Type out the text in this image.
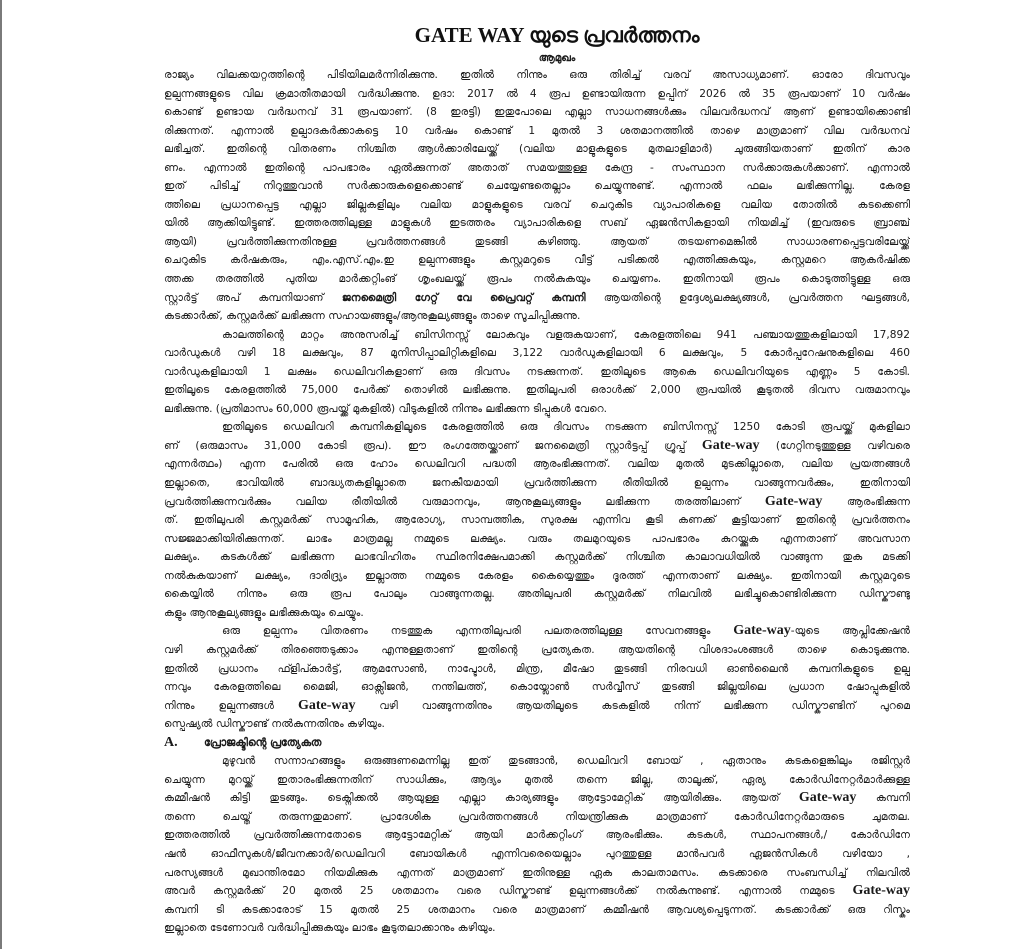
GATE WAY യുടെ പ്രവർത്തനം
ആമുഖം
രാജ്യം വിലക്കയറ്റത്തിന്റെ പിടിയിലമർന്നിരിക്കുന്നു. ഇതിൽ നിന്നും ഒരു തിരിച്ച് വരവ് അസാധ്യമാണ്. ഓരോ ദിവസവും
ഉല്പന്നങ്ങളുടെ വില ക്രമാതീതമായി വർദ്ധിക്കുന്നു. ഉദാ: 2017 ൽ 4 രൂപ ഉണ്ടായിരുന്ന ഉപ്പിന് 2026 ൽ 35 രൂപയാണ് 10 വർഷം
കൊണ്ട് ഉണ്ടായ വർദ്ധനവ് 31 രൂപയാണ്. (8 ഇരട്ടി) ഇതുപോലെ എല്ലാ സാധനങ്ങൾക്കും വിലവർദ്ധനവ് ആണ് ഉണ്ടായിക്കൊണ്ടി
രിക്കുന്നത്. എന്നാൽ ഉല്പാദകർക്കാകട്ടെ 10 വർഷം കൊണ്ട് 1 മുതൽ 3 ശതമാനത്തിൽ താഴെ മാത്രമാണ് വില വർദ്ധനവ്
ലഭിച്ചത്. ഇതിന്റെ വിതരണം നിശ്ചിത ആൾക്കാരിലേയ്ക്ക് (വലിയ മാളുകളുടെ മുതലാളിമാർ) ചുരുങ്ങിയതാണ് ഇതിന് കാര
ണം. എന്നാൽ ഇതിന്റെ പാപഭാരം ഏൽക്കുന്നത് അതാത് സമയത്തുള്ള കേന്ദ്ര - സംസ്ഥാന സർക്കാരുകൾക്കാണ്. എന്നാൽ
ഇത് പിടിച്ച് നിറുത്തുവാൻ സർക്കാരുകളെക്കൊണ്ട് ചെയ്യേണ്ടതെല്ലാം ചെയ്യുന്നുണ്ട്. എന്നാൽ ഫലം ലഭിക്കുന്നില്ല. കേരള
ത്തിലെ പ്രധാനപ്പെട്ട എല്ലാ ജില്ലകളിലും വലിയ മാളുകളുടെ വരവ് ചെറുകിട വ്യാപാരികളെ വലിയ തോതിൽ കടക്കെണി
യിൽ ആക്കിയിട്ടുണ്ട്. ഇത്തരത്തിലുള്ള മാളുകൾ ഇടത്തരം വ്യാപാരികളെ സബ് ഏജൻസികളായി നിയമിച്ച് (ഇവരുടെ ബ്രാഞ്ച്
ആയി) പ്രവർത്തിക്കുന്നതിനുള്ള പ്രവർത്തനങ്ങൾ തുടങ്ങി കഴിഞ്ഞു. ആയത് തടയണമെങ്കിൽ സാധാരണപ്പെട്ടവരിലേയ്ക്ക്
ചെറുകിട കർഷകരും, എം.എസ്.എം.ഇ ഉല്പന്നങ്ങളും കസ്റ്റമറുടെ വീട്ട് പടിക്കൽ എത്തിക്കുകയും, കസ്റ്റമറെ ആകർഷിക്ക
ത്തക്ക തരത്തിൽ പുതിയ മാർക്കറ്റിംങ് ശൃംഖലയ്ക്ക് രൂപം നൽകുകയും ചെയ്യണം. ഇതിനായി രൂപം കൊടുത്തിട്ടുള്ള ഒരു
സ്റ്റാർട്ട് അപ് കമ്പനിയാണ് ജനമൈത്രി ഗേറ്റ് വേ പ്രൈവറ്റ് കമ്പനി ആയതിന്റെ ഉദ്ദേശ്യലക്ഷ്യങ്ങൾ, പ്രവർത്തന ഘട്ടങ്ങൾ,
കടക്കാർക്ക്, കസ്റ്റമർക്ക് ലഭിക്കുന്ന സഹായങ്ങളും/ആനുകൂല്യങ്ങളും താഴെ സൂചിപ്പിക്കുന്നു.
കാലത്തിന്റെ മാറ്റം അനുസരിച്ച് ബിസിനസ്സ് ലോകവും വളരുകയാണ്, കേരളത്തിലെ 941 പഞ്ചായത്തുകളിലായി 17,892
വാർഡുകൾ വഴി 18 ലക്ഷവും, 87 മുനിസിപ്പാലിറ്റികളിലെ 3,122 വാർഡുകളിലായി 6 ലക്ഷവും, 5 കോർപ്പറേഷനുകളിലെ 460
വാർഡുകളിലായി 1 ലക്ഷം ഡെലിവറികളാണ് ഒരു ദിവസം നടക്കുന്നത്. ഇതിലൂടെ ആകെ ഡെലിവറിയുടെ എണ്ണം 5 കോടി.
ഇതിലൂടെ കേരളത്തിൽ 75,000 പേർക്ക് തൊഴിൽ ലഭിക്കുന്നു. ഇതിലുപരി ഒരാൾക്ക് 2,000 രൂപയിൽ കൂടുതൽ ദിവസ വരുമാനവും
ലഭിക്കുന്നു. (പ്രതിമാസം 60,000 രൂപയ്ക്ക് മുകളിൽ) വീടുകളിൽ നിന്നും ലഭിക്കുന്ന ടിപ്പുകൾ വേറെ.
ഇതിലൂടെ ഡെലിവറി കമ്പനികളിലൂടെ കേരളത്തിൽ ഒരു ദിവസം നടക്കുന്ന ബിസിനസ്സ് 1250 കോടി രൂപയ്ക്ക് മുകളിലാ
ണ് (ഒരുമാസം 31,000 കോടി രൂപ). ഈ രംഗത്തേയ്ക്കാണ് ജനമൈത്രി സ്റ്റാർട്ടപ്പ് ഗ്രൂപ്പ് Gate-way (ഗേറ്റിനടുത്തുള്ള വഴിവരെ
എന്നർത്ഥം) എന്ന പേരിൽ ഒരു ഹോം ഡെലിവറി പദ്ധതി ആരംഭിക്കുന്നത്. വലിയ മുതൽ മുടക്കില്ലാതെ, വലിയ പ്രയത്നങ്ങൾ
ഇല്ലാതെ, ഭാവിയിൽ ബാദ്ധ്യതകളില്ലാതെ ജനകീയമായി പ്രവർത്തിക്കുന്ന രീതിയിൽ ഉല്പന്നം വാങ്ങുന്നവർക്കും, ഇതിനായി
പ്രവർത്തിക്കുന്നവർക്കും വലിയ രീതിയിൽ വരുമാനവും, ആനുകൂല്യങ്ങളും ലഭിക്കുന്ന തരത്തിലാണ് Gate-way ആരംഭിക്കുന്ന
ത്. ഇതിലുപരി കസ്റ്റമർക്ക് സാമൂഹിക, ആരോഗ്യ, സാമ്പത്തിക, സുരക്ഷ എന്നിവ കൂടി കണക്ക് കൂട്ടിയാണ് ഇതിന്റെ പ്രവർത്തനം
സജ്ജമാക്കിയിരിക്കുന്നത്. ലാഭം മാത്രമല്ല നമ്മുടെ ലക്ഷ്യം. വരും തലമുറയുടെ പാപഭാരം കുറയ്ക്കുക എന്നതാണ് അവസാന
ലക്ഷ്യം. കടകൾക്ക് ലഭിക്കുന്ന ലാഭവിഹിതം സ്ഥിരനിക്ഷേപമാക്കി കസ്റ്റമർക്ക് നിശ്ചിത കാലാവധിയിൽ വാങ്ങുന്ന തുക മടക്കി
നൽകുകയാണ് ലക്ഷ്യം, ദാരിദ്ര്യം ഇല്ലാത്ത നമ്മുടെ കേരളം കൈയ്യെത്തും ദൂരത്ത് എന്നതാണ് ലക്ഷ്യം. ഇതിനായി കസ്റ്റമറുടെ
കൈയ്യിൽ നിന്നും ഒരു രൂപ പോലും വാങ്ങുന്നതല്ല. അതിലുപരി കസ്റ്റമർക്ക് നിലവിൽ ലഭിച്ചുകൊണ്ടിരിക്കുന്ന ഡിസ്കൗണ്ടു
കളും ആനുകൂല്യങ്ങളും ലഭിക്കുകയും ചെയ്യും.
ഒരു ഉല്പന്നം വിതരണം നടത്തുക എന്നതിലുപരി പലതരത്തിലുള്ള സേവനങ്ങളും Gate-way-യുടെ ആപ്ലിക്കേഷൻ
വഴി കസ്റ്റമർക്ക് തിരഞ്ഞെടുക്കാം എന്നുള്ളതാണ് ഇതിന്റെ പ്രത്യേകത. ആയതിന്റെ വിശദാംശങ്ങൾ താഴെ കൊടുക്കുന്നു.
ഇതിൽ പ്രധാനം ഫ്ളിപ്കാർട്ട്, ആമസോൺ, നാപ്ടോൾ, മിന്ത്ര, മീഷോ തുടങ്ങി നിരവധി ഓൺലൈൻ കമ്പനികളുടെ ഉല്പ
ന്നവും കേരളത്തിലെ മൈജി, ഓക്സിജൻ, നന്തിലത്ത്, കൊയ്ലോൺ സർവ്വീസ് തുടങ്ങി ജില്ലയിലെ പ്രധാന ഷോപ്പുകളിൽ
നിന്നും ഉല്പന്നങ്ങൾ Gate-way വഴി വാങ്ങുന്നതിനും ആയതിലൂടെ കടകളിൽ നിന്ന് ലഭിക്കുന്ന ഡിസ്കൗണ്ടിന് പുറമെ
സ്പെഷ്യൽ ഡിസ്കൗണ്ട് നൽകുന്നതിനും കഴിയും.
A.	പ്രോജക്ടിന്റെ പ്രത്യേകത
മുഴുവൻ സന്നാഹങ്ങളും ഒരുങ്ങണമെന്നില്ല ഇത് തുടങ്ങാൻ, ഡെലിവറി ബോയ് , ഏതാനും കടകളെങ്കിലും രജിസ്റ്റർ
ചെയ്യുന്ന മുറയ്ക്ക് ഇതാരംഭിക്കുന്നതിന് സാധിക്കും, ആദ്യം മുതൽ തന്നെ ജില്ല, താലൂക്ക്, ഏര്യ കോർഡിനേറ്റർമാർക്കുള്ള
കമ്മീഷൻ കിട്ടി തുടങ്ങും. ടെക്നിക്കൽ ആയുള്ള എല്ലാ കാര്യങ്ങളും ആട്ടോമേറ്റിക് ആയിരിക്കും. ആയത് Gate-way കമ്പനി
തന്നെ ചെയ്ത് തരുന്നതുമാണ്. പ്രാദേശിക പ്രവർത്തനങ്ങൾ നിയന്ത്രിക്കുക മാത്രമാണ് കോർഡിനേറ്റർമാരുടെ ചുമതല.
ഇത്തരത്തിൽ പ്രവർത്തിക്കുന്നതോടെ ആട്ടോമേറ്റിക് ആയി മാർക്കറ്റിംഗ് ആരംഭിക്കും. കടകൾ, സ്ഥാപനങ്ങൾ,/ കോർഡിനേ
ഷൻ ഓഫീസുകൾ/ജീവനക്കാർ/ഡെലിവറി ബോയികൾ എന്നിവരെയെല്ലാം പുറത്തുള്ള മാൻപവർ ഏജൻസികൾ വഴിയോ ,
പരസ്യങ്ങൾ മുഖാന്തിരമോ നിയമിക്കുക എന്നത് മാത്രമാണ് ഇതിനുള്ള ഏക കാലതാമസം. കടക്കാരെ സംബന്ധിച്ച് നിലവിൽ
അവർ കസ്റ്റമർക്ക് 20 മുതൽ 25 ശതമാനം വരെ ഡിസ്കൗണ്ട് ഉല്പന്നങ്ങൾക്ക് നൽകുന്നുണ്ട്. എന്നാൽ നമ്മുടെ Gate-way
കമ്പനി ടി കടക്കാരോട് 15 മുതൽ 25 ശതമാനം വരെ മാത്രമാണ് കമ്മീഷൻ ആവശ്യപ്പെടുന്നത്. കടക്കാർക്ക് ഒരു റിസ്കും
ഇല്ലാതെ ടേണോവർ വർദ്ധിപ്പിക്കുകയും ലാഭം കൂടുതലാക്കാനും കഴിയും.
